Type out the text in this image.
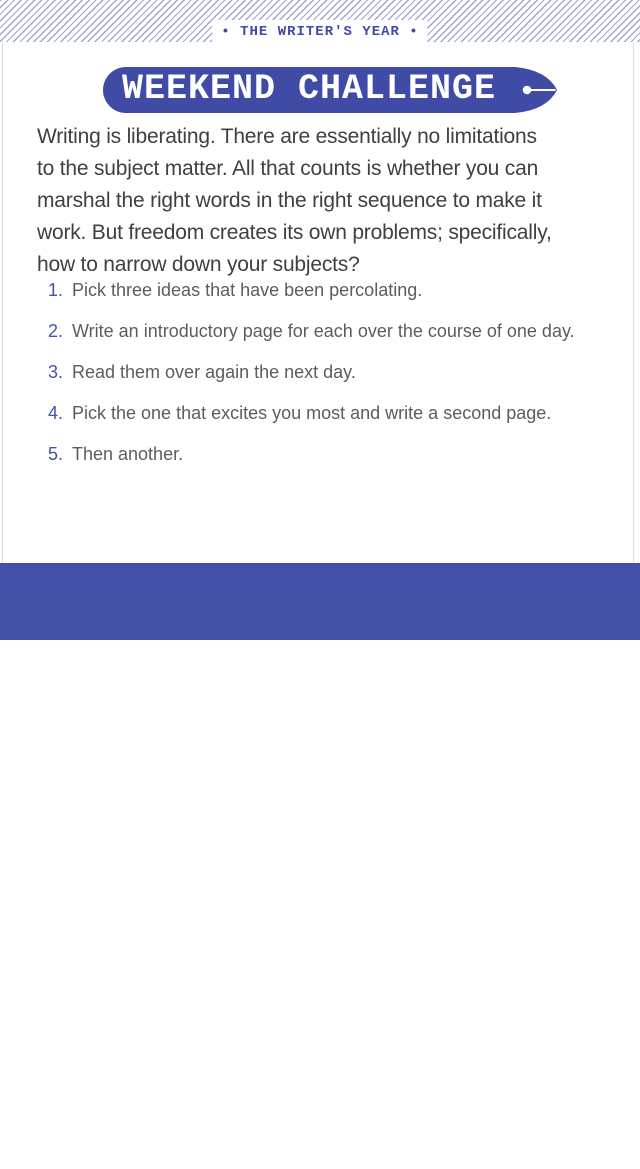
• THE WRITER'S YEAR •
WEEKEND CHALLENGE
Writing is liberating. There are essentially no limitations
to the subject matter. All that counts is whether you can
marshal the right words in the right sequence to make it
work. But freedom creates its own problems; specifically,
how to narrow down your subjects?
1. Pick three ideas that have been percolating.
2. Write an introductory page for each over the course of one day.
3. Read them over again the next day.
4. Pick the one that excites you most and write a second page.
5. Then another.
SAT/SUN January 24 & 25	2026
